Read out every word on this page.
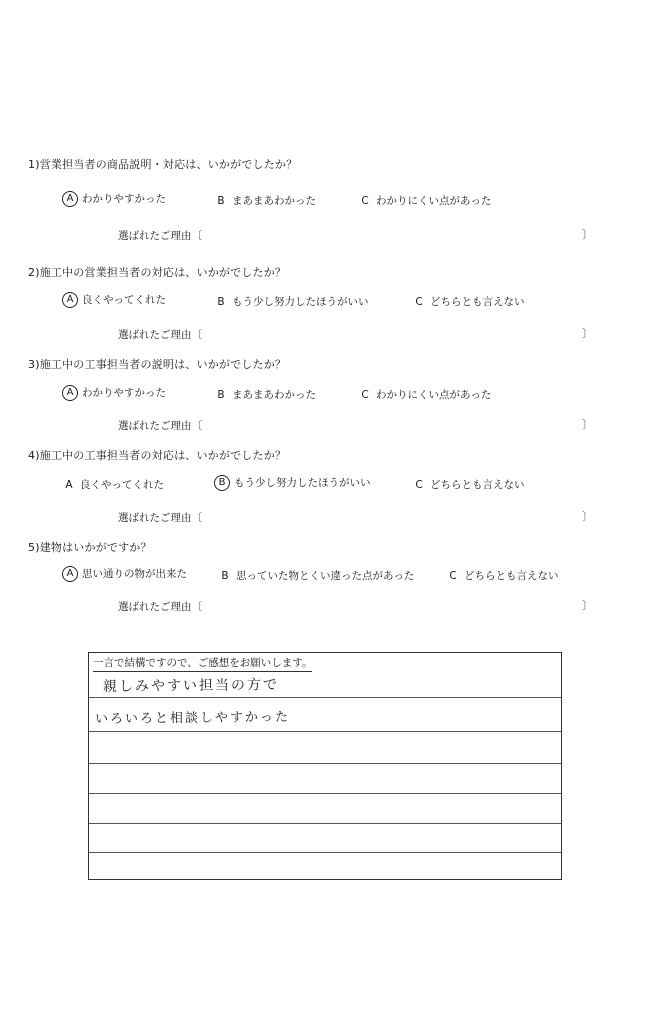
1)営業担当者の商品説明・対応は、いかがでしたか？
A わかりやすかった	B まあまあわかった	C わかりにくい点があった
選ばれたご理由〔	〕
2)施工中の営業担当者の対応は、いかがでしたか？
A 良くやってくれた	B もう少し努力したほうがいい	C どちらとも言えない
選ばれたご理由〔	〕
3)施工中の工事担当者の説明は、いかがでしたか？
A わかりやすかった	B まあまあわかった	C わかりにくい点があった
選ばれたご理由〔	〕
4)施工中の工事担当者の対応は、いかがでしたか？
A 良くやってくれた	B もう少し努力したほうがいい	C どちらとも言えない
選ばれたご理由〔	〕
5)建物はいかがですか？
A 思い通りの物が出来た	B 思っていた物とくい違った点があった	C どちらとも言えない
選ばれたご理由〔	〕
一言で結構ですので、ご感想をお願いします。
親しみやすい担当の方で
いろいろと相談しやすかった
